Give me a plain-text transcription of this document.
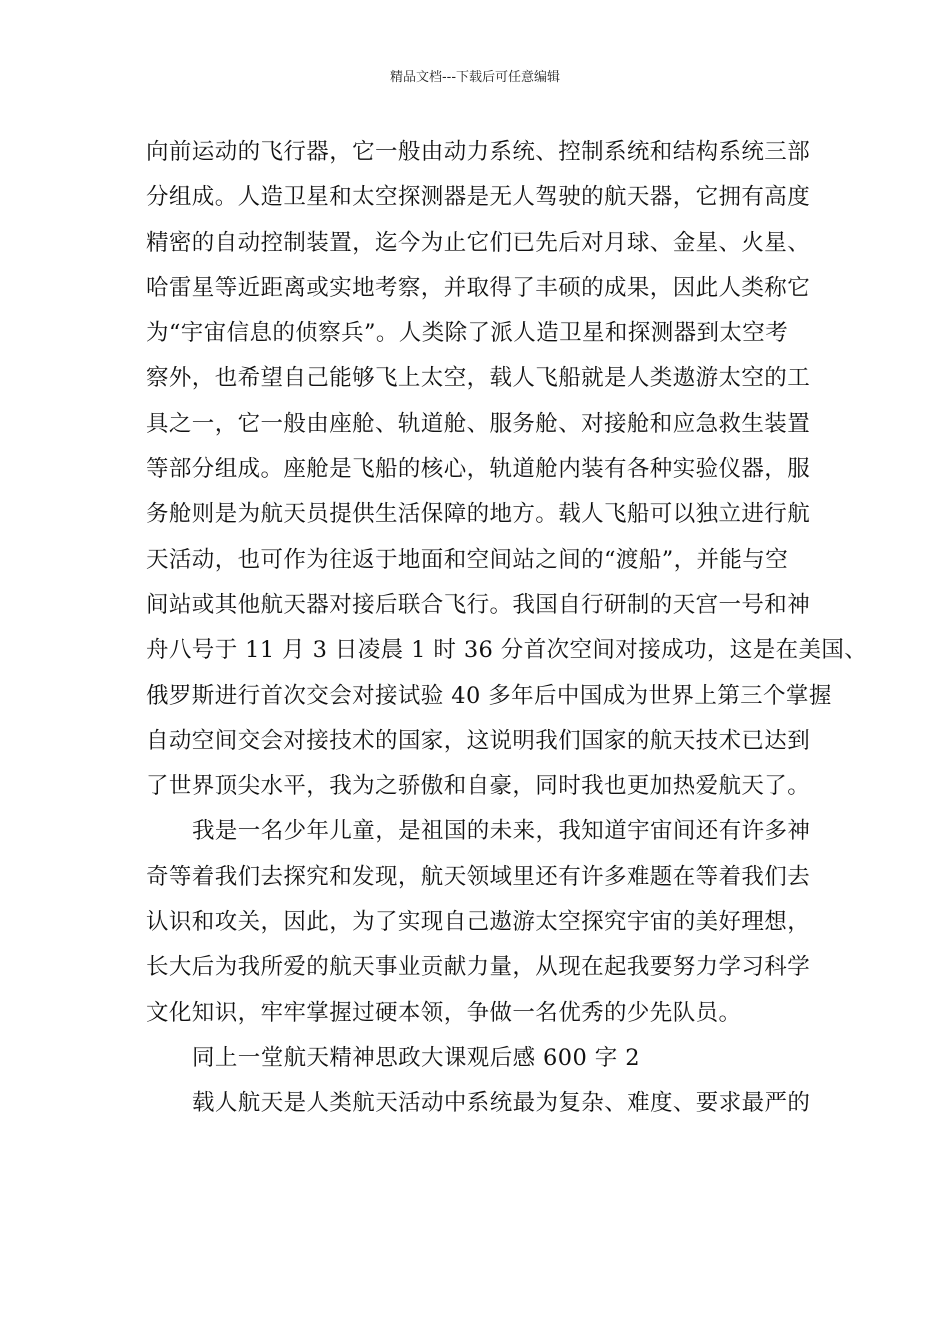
精品文档---下载后可任意编辑
向前运动的飞行器，它一般由动力系统、控制系统和结构系统三部
分组成。人造卫星和太空探测器是无人驾驶的航天器，它拥有高度
精密的自动控制装置，迄今为止它们已先后对月球、金星、火星、
哈雷星等近距离或实地考察，并取得了丰硕的成果，因此人类称它
为“宇宙信息的侦察兵”。人类除了派人造卫星和探测器到太空考
察外，也希望自己能够飞上太空，载人飞船就是人类遨游太空的工
具之一，它一般由座舱、轨道舱、服务舱、对接舱和应急救生装置
等部分组成。座舱是飞船的核心，轨道舱内装有各种实验仪器，服
务舱则是为航天员提供生活保障的地方。载人飞船可以独立进行航
天活动，也可作为往返于地面和空间站之间的“渡船”，并能与空
间站或其他航天器对接后联合飞行。我国自行研制的天宫一号和神
舟八号于 11 月 3 日凌晨 1 时 36 分首次空间对接成功，这是在美国、
俄罗斯进行首次交会对接试验 40 多年后中国成为世界上第三个掌握
自动空间交会对接技术的国家，这说明我们国家的航天技术已达到
了世界顶尖水平，我为之骄傲和自豪，同时我也更加热爱航天了。
我是一名少年儿童，是祖国的未来，我知道宇宙间还有许多神
奇等着我们去探究和发现，航天领域里还有许多难题在等着我们去
认识和攻关，因此，为了实现自己遨游太空探究宇宙的美好理想，
长大后为我所爱的航天事业贡献力量，从现在起我要努力学习科学
文化知识，牢牢掌握过硬本领，争做一名优秀的少先队员。
同上一堂航天精神思政大课观后感 600 字 2
载人航天是人类航天活动中系统最为复杂、难度、要求最严的
